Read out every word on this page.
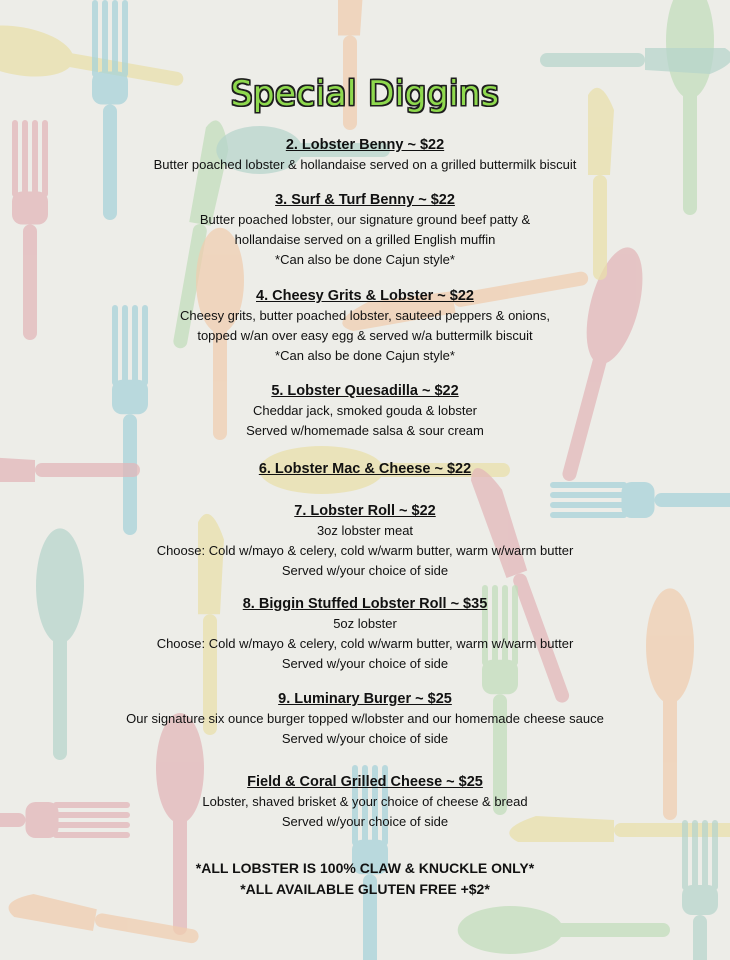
Special Diggins
2. Lobster Benny ~ $22
Butter poached lobster & hollandaise served on a grilled buttermilk biscuit
3. Surf & Turf Benny ~ $22
Butter poached lobster, our signature ground beef patty &
hollandaise served on a grilled English muffin
*Can also be done Cajun style*
4. Cheesy Grits & Lobster ~ $22
Cheesy grits, butter poached lobster, sauteed peppers & onions,
topped w/an over easy egg & served w/a buttermilk biscuit
*Can also be done Cajun style*
5. Lobster Quesadilla ~ $22
Cheddar jack, smoked gouda & lobster
Served w/homemade salsa & sour cream
6. Lobster Mac & Cheese ~ $22
7. Lobster Roll ~ $22
3oz lobster meat
Choose: Cold w/mayo & celery, cold w/warm butter, warm w/warm butter
Served w/your choice of side
8. Biggin Stuffed Lobster Roll ~ $35
5oz lobster
Choose: Cold w/mayo & celery, cold w/warm butter, warm w/warm butter
Served w/your choice of side
9. Luminary Burger ~ $25
Our signature six ounce burger topped w/lobster and our homemade cheese sauce
Served w/your choice of side
Field & Coral Grilled Cheese ~ $25
Lobster, shaved brisket & your choice of cheese & bread
Served w/your choice of side
*ALL LOBSTER IS 100% CLAW & KNUCKLE ONLY*
*ALL AVAILABLE GLUTEN FREE +$2*
